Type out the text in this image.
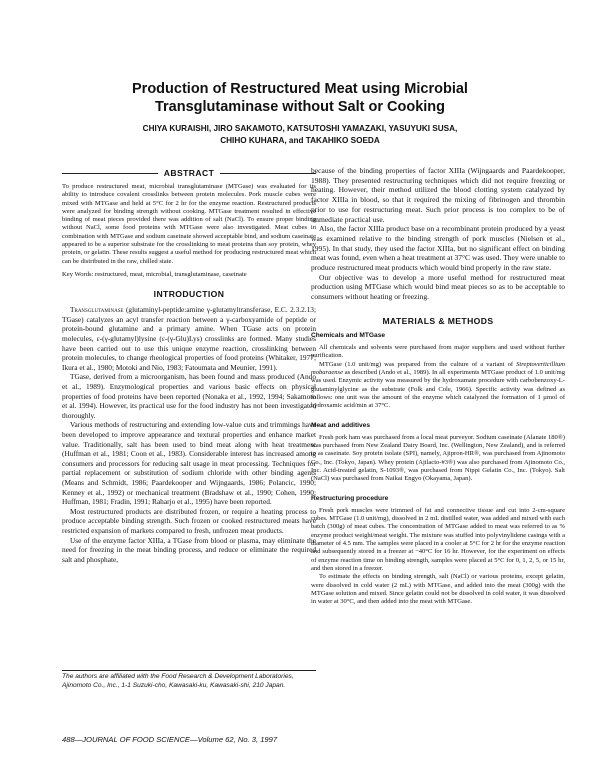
Production of Restructured Meat using Microbial
Transglutaminase without Salt or Cooking
CHIYA KURAISHI, JIRO SAKAMOTO, KATSUTOSHI YAMAZAKI, YASUYUKI SUSA,
CHIHO KUHARA, and TAKAHIKO SOEDA
ABSTRACT

To produce restructured meat, microbial transglutaminase (MTGase) was evaluated for its ability to introduce covalent crosslinks between protein molecules. Pork muscle cubes were mixed with MTGase and held at 5°C for 2 hr for the enzyme reaction. Restructured products were analyzed for binding strength without cooking. MTGase treatment resulted in effective binding of meat pieces provided there was addition of salt (NaCl). To ensure proper binding without NaCl, some food proteins with MTGase were also investigated. Meat cubes in combination with MTGase and sodium caseinate showed acceptable bind, and sodium caseinate appeared to be a superior substrate for the crosslinking to meat proteins than soy protein, whey protein, or gelatin. These results suggest a useful method for producing restructured meat which can be distributed in the raw, chilled state.

Key Words: restructured, meat, microbial, transglutaminase, caseinate

INTRODUCTION

Transglutaminase (glutaminyl-peptide:amine γ-glutamyltransferase, E.C. 2.3.2.13; TGase) catalyzes an acyl transfer reaction between a γ-carboxyamide of peptide or protein-bound glutamine and a primary amine. When TGase acts on protein molecules, ε-(γ-glutamyl)lysine (ε-(γ-Glu)Lys) crosslinks are formed. Many studies have been carried out to use this unique enzyme reaction, crosslinking between protein molecules, to change rheological properties of food proteins (Whitaker, 1977; Ikura et al., 1980; Motoki and Nio, 1983; Fatoumata and Meunier, 1991).

TGase, derived from a microorganism, has been found and mass produced (Ando et al., 1989). Enzymological properties and various basic effects on physical properties of food proteins have been reported (Nonaka et al., 1992, 1994; Sakamoto et al. 1994). However, its practical use for the food industry has not been investigated thoroughly.

Various methods of restructuring and extending low-value cuts and trimmings have been developed to improve appearance and textural properties and enhance market value. Traditionally, salt has been used to bind meat along with heat treatment (Huffman et al., 1981; Coon et al., 1983). Considerable interest has increased among consumers and processors for reducing salt usage in meat processing. Techniques for partial replacement or substitution of sodium chloride with other binding agents (Means and Schmidt, 1986; Paardekooper and Wijngaards, 1986; Polancic, 1990; Kenney et al., 1992) or mechanical treatment (Bradshaw et al., 1990; Cohen, 1990; Huffman, 1981; Fradin, 1991; Raharjo et al., 1995) have been reported.

Most restructured products are distributed frozen, or require a heating process to produce acceptable binding strength. Such frozen or cooked restructured meats have restricted expansion of markets compared to fresh, unfrozen meat products.

Use of the enzyme factor XIIIa, a TGase from blood or plasma, may eliminate the need for freezing in the meat binding process, and reduce or eliminate the required salt and phosphate,

because of the binding properties of factor XIIIa (Wijngaards and Paardekooper, 1988). They presented restructuring techniques which did not require freezing or heating. However, their method utilized the blood clotting system catalyzed by factor XIIIa in blood, so that it required the mixing of fibrinogen and thrombin prior to use for restructuring meat. Such prior process is too complex to be of immediate practical use.

Also, the factor XIIIa product base on a recombinant protein produced by a yeast was examined relative to the binding strength of pork muscles (Nielsen et al., 1995). In that study, they used the factor XIIIa, but no significant effect on binding meat was found, even when a heat treatment at 37°C was used. They were unable to produce restructured meat products which would bind properly in the raw state.

Our objective was to develop a more useful method for restructured meat production using MTGase which would bind meat pieces so as to be acceptable to consumers without heating or freezing.

MATERIALS & METHODS
Chemicals and MTGase

All chemicals and solvents were purchased from major suppliers and used without further purification.

MTGase (1.0 unit/mg) was prepared from the culture of a variant of Streptoverticillium mobaraense as described (Ando et al., 1989). In all experiments MTGase product of 1.0 unit/mg was used. Enzymic activity was measured by the hydroxamate procedure with carbobenzoxy-L-glutaminylglycine as the substrate (Folk and Cole, 1966). Specific activity was defined as follows: one unit was the amount of the enzyme which catalyzed the formation of 1 µmol of hydroxamic acid/min at 37°C.

Meat and additives

Fresh pork ham was purchased from a local meat purveyor. Sodium caseinate (Alanate 180®) was purchased from New Zealand Dairy Board, Inc. (Wellington, New Zealand), and is referred to as caseinate. Soy protein isolate (SPI), namely, Ajipron-HR®, was purchased from Ajinomoto Co., Inc. (Tokyo, Japan). Whey protein (Ajilacto-#3®) was also purchased from Ajinomoto Co., Inc. Acid-treated gelatin, S-1093®, was purchased from Nippi Gelatin Co., Inc. (Tokyo). Salt (NaCl) was purchased from Naikai Engyo (Okayama, Japan).

Restructuring procedure

Fresh pork muscles were trimmed of fat and connective tissue and cut into 2-cm-square cubes. MTGase (1.0 unit/mg), dissolved in 2 mL distilled water, was added and mixed with each batch (300g) of meat cubes. The concentration of MTGase added to meat was referred to as % enzyme product weight/meat weight. The mixture was stuffed into polyvinylidene casings with a diameter of 4.5 mm. The samples were placed in a cooler at 5°C for 2 hr for the enzyme reaction and subsequently stored in a freezer at −40°C for 16 hr. However, for the experiment on effects of enzyme reaction time on binding strength, samples were placed at 5°C for 0, 1, 2, 5, or 15 hr, and then stored in a freezer.

To estimate the effects on binding strength, salt (NaCl) or various proteins, except gelatin, were dissolved in cold water (2 mL) with MTGase, and added into the meat (300g) with the MTGase solution and mixed. Since gelatin could not be dissolved in cold water, it was dissolved in water at 30°C, and then added into the meat with MTGase.

The authors are affiliated with the Food Research & Development Laboratories, Ajinomoto Co., Inc., 1-1 Suzuki-cho, Kawasaki-ku, Kawasaki-shi, 210 Japan.
488—JOURNAL OF FOOD SCIENCE—Volume 62, No. 3, 1997
